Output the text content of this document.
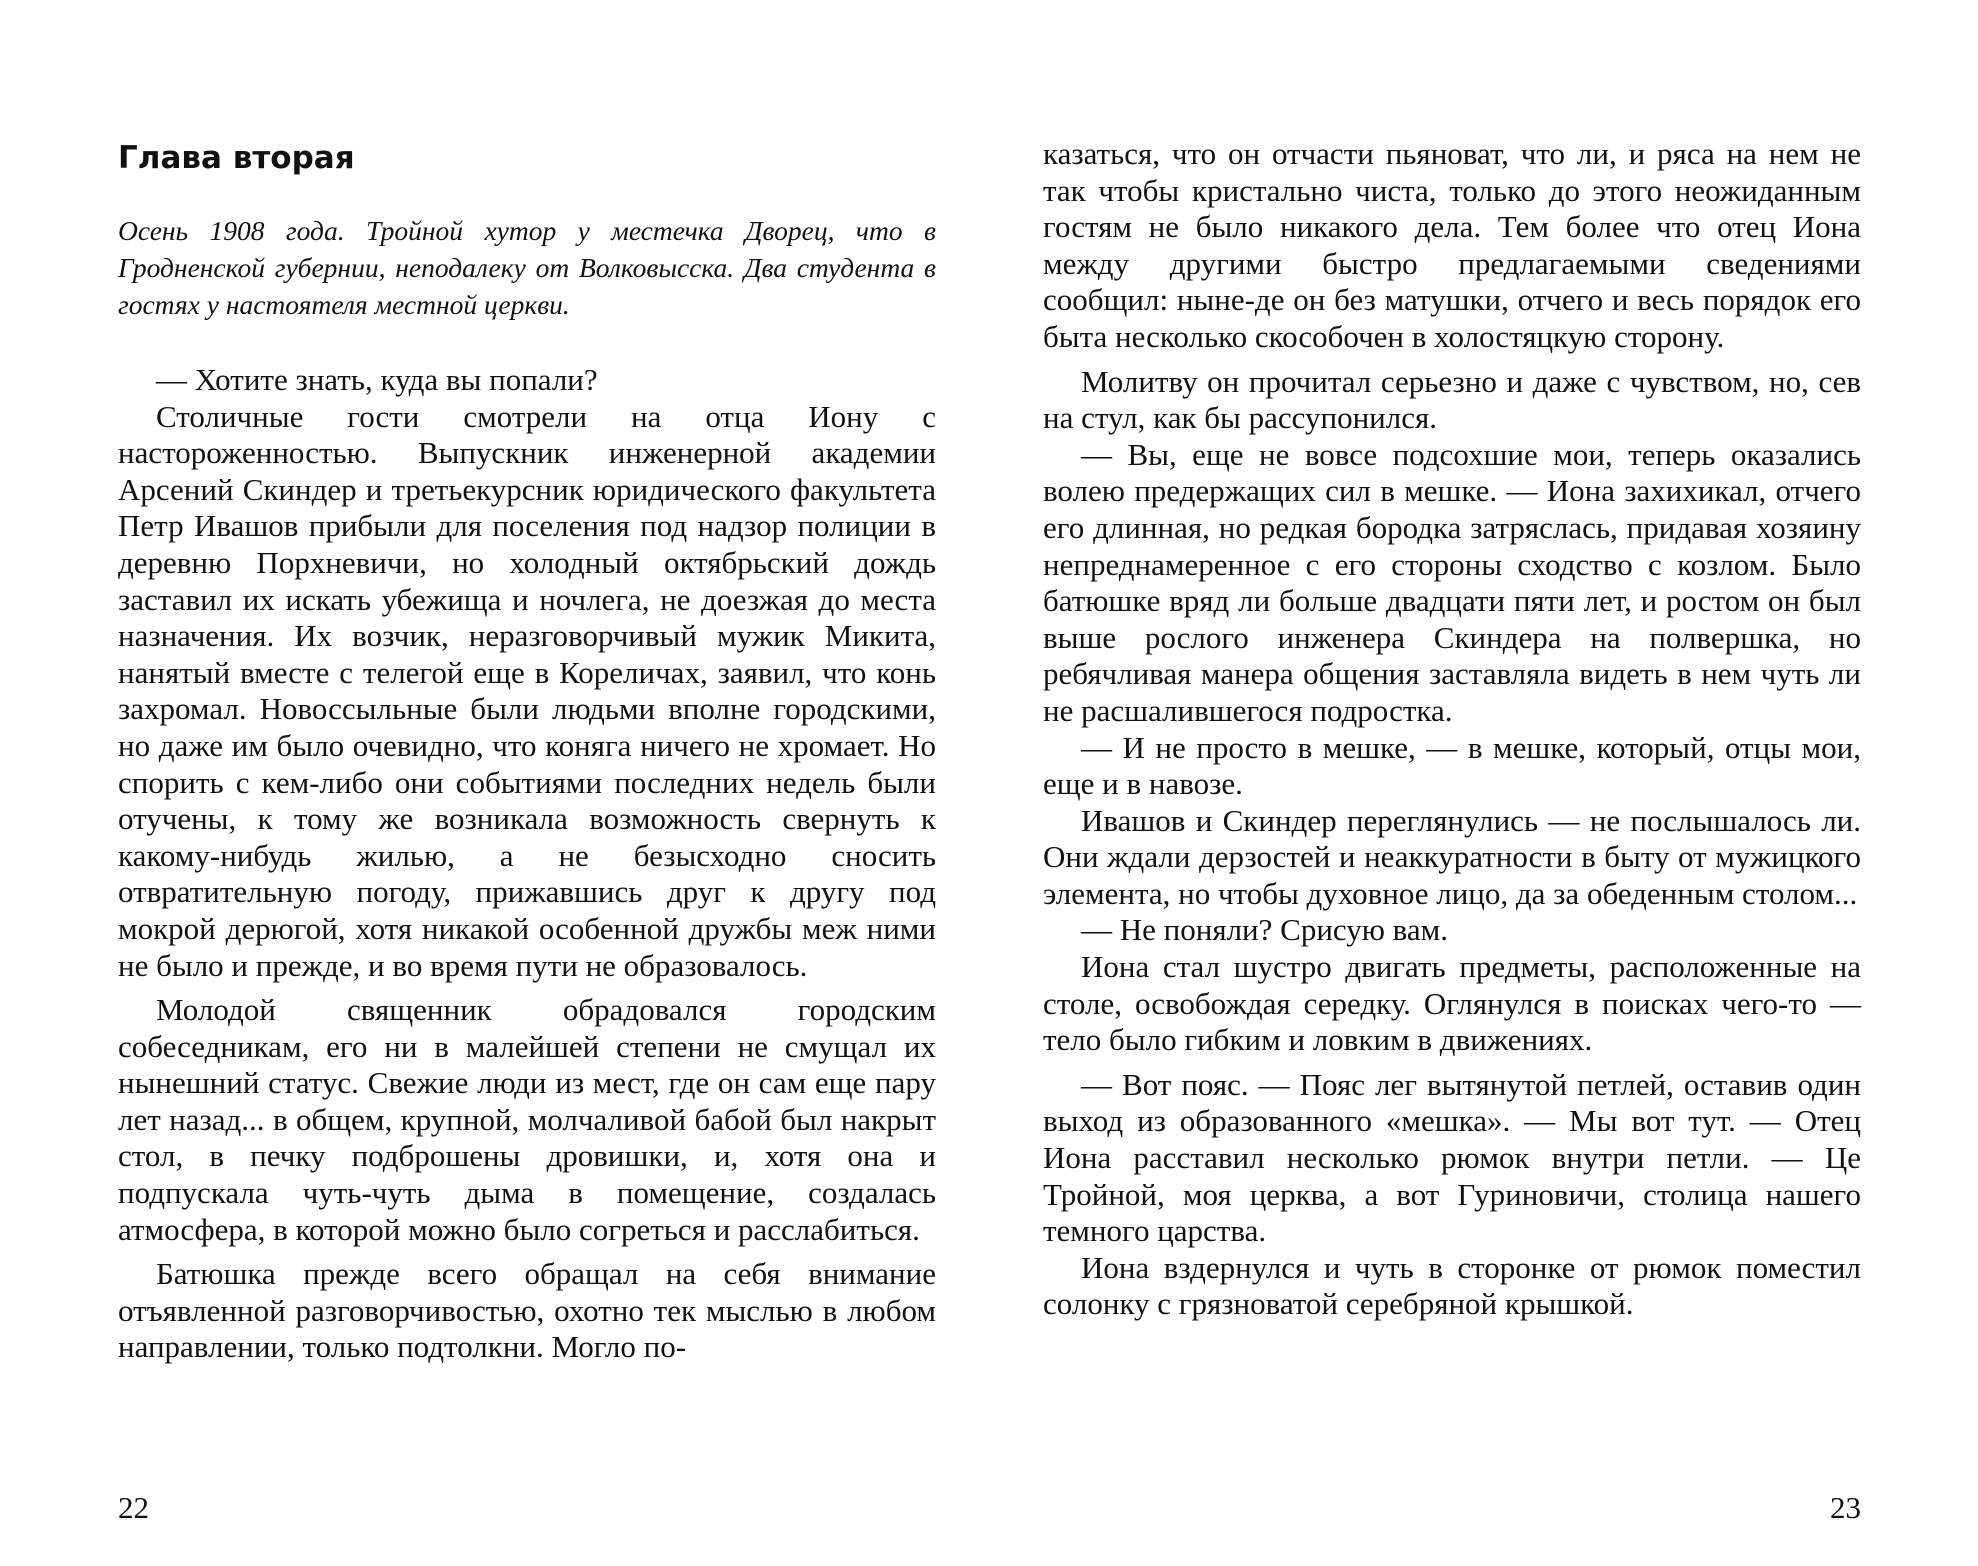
Глава вторая

Осень 1908 года. Тройной хутор у местечка Дворец, что в Гродненской губернии, неподалеку от Волковысска. Два студента в гостях у настоятеля местной церкви.

— Хотите знать, куда вы попали?

Столичные гости смотрели на отца Иону с настороженностью. Выпускник инженерной академии Арсений Скиндер и третьекурсник юридического факультета Петр Ивашов прибыли для поселения под надзор полиции в деревню Порхневичи, но холодный октябрьский дождь заставил их искать убежища и ночлега, не доезжая до места назначения. Их возчик, неразговорчивый мужик Микита, нанятый вместе с телегой еще в Кореличах, заявил, что конь захромал. Новоссыльные были людьми вполне городскими, но даже им было очевидно, что коняга ничего не хромает. Но спорить с кем-либо они событиями последних недель были отучены, к тому же возникала возможность свернуть к какому-нибудь жилью, а не безысходно сносить отвратительную погоду, прижавшись друг к другу под мокрой дерюгой, хотя никакой особенной дружбы меж ними не было и прежде, и во время пути не образовалось.

Молодой священник обрадовался городским собеседникам, его ни в малейшей степени не смущал их нынешний статус. Свежие люди из мест, где он сам еще пару лет назад... в общем, крупной, молчаливой бабой был накрыт стол, в печку подброшены дровишки, и, хотя она и подпускала чуть-чуть дыма в помещение, создалась атмосфера, в которой можно было согреться и расслабиться.

Батюшка прежде всего обращал на себя внимание отъявленной разговорчивостью, охотно тек мыслью в любом направлении, только подтолкни. Могло по-

22

казаться, что он отчасти пьяноват, что ли, и ряса на нем не так чтобы кристально чиста, только до этого неожиданным гостям не было никакого дела. Тем более что отец Иона между другими быстро предлагаемыми сведениями сообщил: ныне-де он без матушки, отчего и весь порядок его быта несколько скособочен в холостяцкую сторону.

Молитву он прочитал серьезно и даже с чувством, но, сев на стул, как бы рассупонился.

— Вы, еще не вовсе подсохшие мои, теперь оказались волею предержащих сил в мешке. — Иона захихикал, отчего его длинная, но редкая бородка затряслась, придавая хозяину непреднамеренное с его стороны сходство с козлом. Было батюшке вряд ли больше двадцати пяти лет, и ростом он был выше рослого инженера Скиндера на полвершка, но ребячливая манера общения заставляла видеть в нем чуть ли не расшалившегося подростка.

— И не просто в мешке, — в мешке, который, отцы мои, еще и в навозе.

Ивашов и Скиндер переглянулись — не послышалось ли. Они ждали дерзостей и неаккуратности в быту от мужицкого элемента, но чтобы духовное лицо, да за обеденным столом...

— Не поняли? Срисую вам.

Иона стал шустро двигать предметы, расположенные на столе, освобождая середку. Оглянулся в поисках чего-то — тело было гибким и ловким в движениях.

— Вот пояс. — Пояс лег вытянутой петлей, оставив один выход из образованного «мешка». — Мы вот тут. — Отец Иона расставил несколько рюмок внутри петли. — Це Тройной, моя церква, а вот Гуриновичи, столица нашего темного царства.

Иона вздернулся и чуть в сторонке от рюмок поместил солонку с грязноватой серебряной крышкой.

23
